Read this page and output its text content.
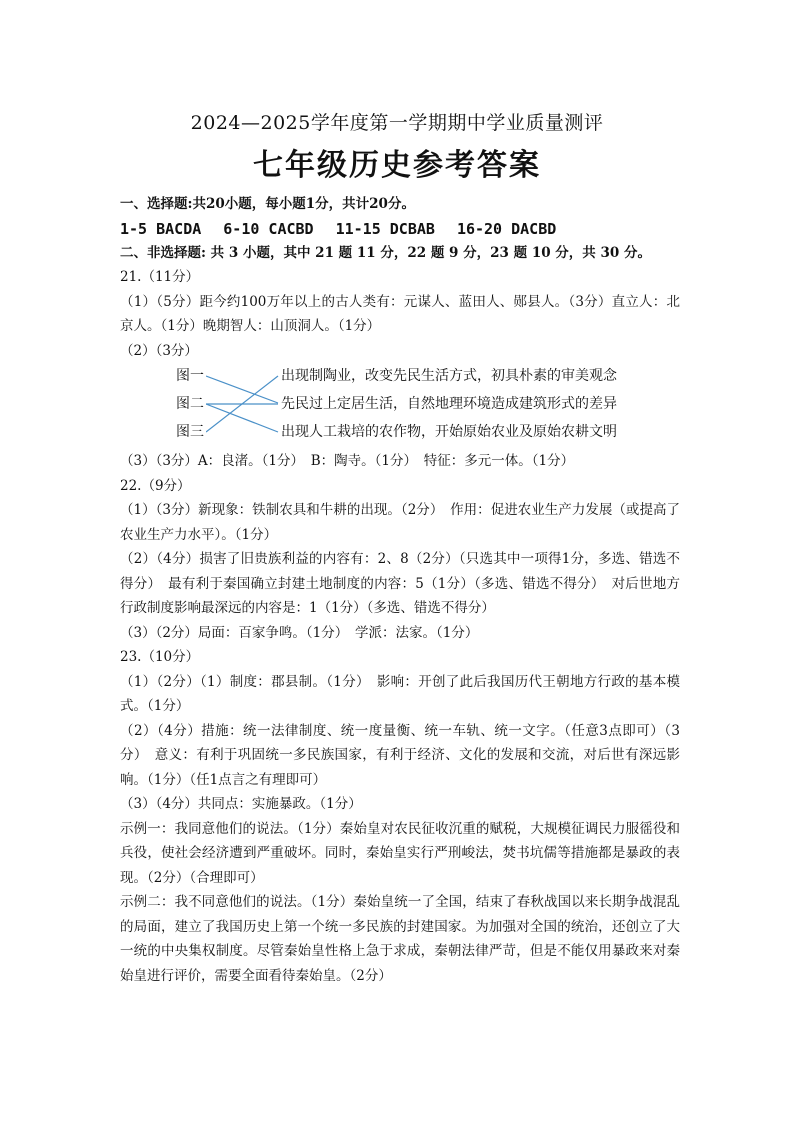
2024—2025学年度第一学期期中学业质量测评
七年级历史参考答案
一、选择题:共20小题，每小题1分，共计20分。
1-5 BACDA 6-10 CACBD 11-15 DCBAB 16-20 DACBD
二、非选择题: 共 3 小题，其中 21 题 11 分，22 题 9 分，23 题 10 分，共 30 分。
21.（11分）
（1）（5分）距今约100万年以上的古人类有：元谋人、蓝田人、郧县人。（3分）直立人：北京人。（1分）晚期智人：山顶洞人。（1分）
（2）（3分）
图一
图二
图三
出现制陶业，改变先民生活方式，初具朴素的审美观念
先民过上定居生活，自然地理环境造成建筑形式的差异
出现人工栽培的农作物，开始原始农业及原始农耕文明
（3）（3分）A：良渚。（1分）　B：陶寺。（1分）　特征：多元一体。（1分）
22.（9分）
（1）（3分）新现象：铁制农具和牛耕的出现。（2分）　作用：促进农业生产力发展（或提高了农业生产力水平）。（1分）
（2）（4分）损害了旧贵族利益的内容有：2、8（2分）（只选其中一项得1分，多选、错选不得分）　最有利于秦国确立封建土地制度的内容：5（1分）（多选、错选不得分）　对后世地方行政制度影响最深远的内容是：1（1分）（多选、错选不得分）
（3）（2分）局面：百家争鸣。（1分）　学派：法家。（1分）
23.（10分）
（1）（2分）（1）制度：郡县制。（1分）　影响：开创了此后我国历代王朝地方行政的基本模式。（1分）
（2）（4分）措施：统一法律制度、统一度量衡、统一车轨、统一文字。（任意3点即可）（3分）　意义：有利于巩固统一多民族国家，有利于经济、文化的发展和交流，对后世有深远影响。（1分）（任1点言之有理即可）
（3）（4分）共同点：实施暴政。（1分）
示例一：我同意他们的说法。（1分）秦始皇对农民征收沉重的赋税，大规模征调民力服徭役和兵役，使社会经济遭到严重破坏。同时，秦始皇实行严刑峻法，焚书坑儒等措施都是暴政的表现。（2分）（合理即可）
示例二：我不同意他们的说法。（1分）秦始皇统一了全国，结束了春秋战国以来长期争战混乱的局面，建立了我国历史上第一个统一多民族的封建国家。为加强对全国的统治，还创立了大一统的中央集权制度。尽管秦始皇性格上急于求成，秦朝法律严苛，但是不能仅用暴政来对秦始皇进行评价，需要全面看待秦始皇。（2分）
